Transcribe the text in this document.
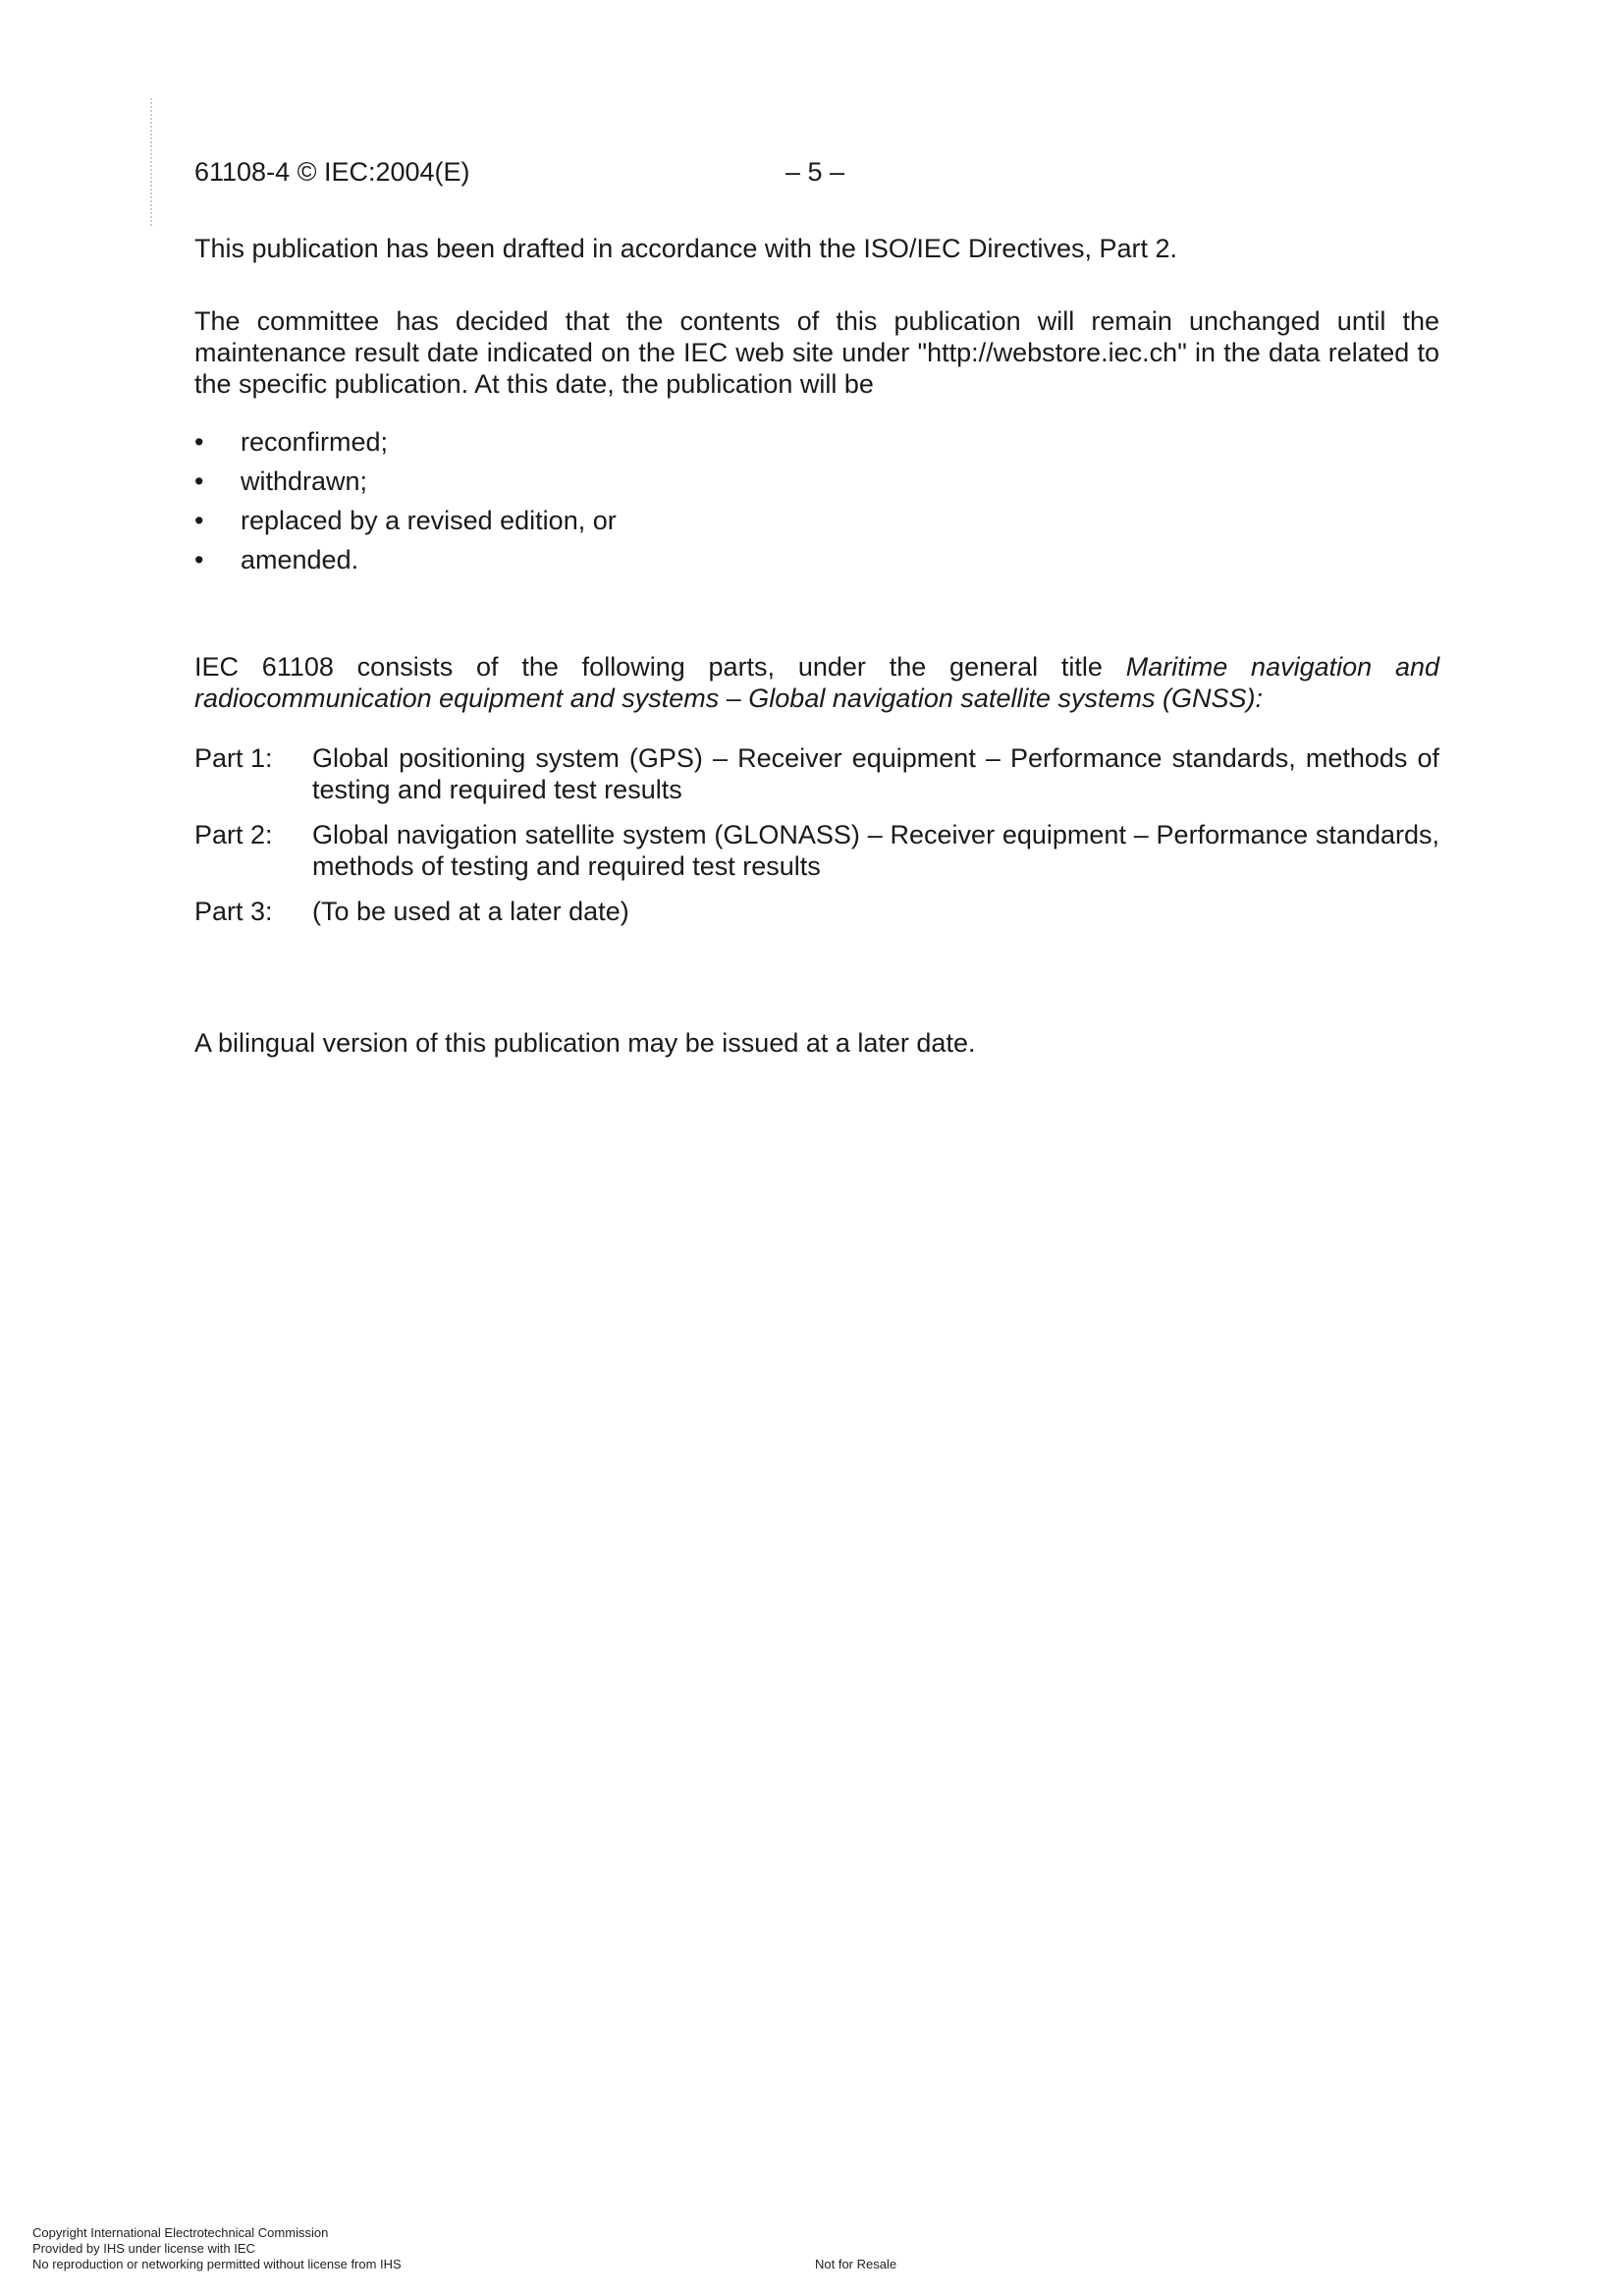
61108-4 © IEC:2004(E)	– 5 –

This publication has been drafted in accordance with the ISO/IEC Directives, Part 2.

The committee has decided that the contents of this publication will remain unchanged until the maintenance result date indicated on the IEC web site under "http://webstore.iec.ch" in the data related to the specific publication. At this date, the publication will be

• reconfirmed;
• withdrawn;
• replaced by a revised edition, or
• amended.

IEC 61108 consists of the following parts, under the general title Maritime navigation and radiocommunication equipment and systems – Global navigation satellite systems (GNSS):

Part 1: Global positioning system (GPS) – Receiver equipment – Performance standards, methods of testing and required test results
Part 2: Global navigation satellite system (GLONASS) – Receiver equipment – Performance standards, methods of testing and required test results
Part 3: (To be used at a later date)

A bilingual version of this publication may be issued at a later date.

Copyright International Electrotechnical Commission
Provided by IHS under license with IEC
No reproduction or networking permitted without license from IHS	Not for Resale
